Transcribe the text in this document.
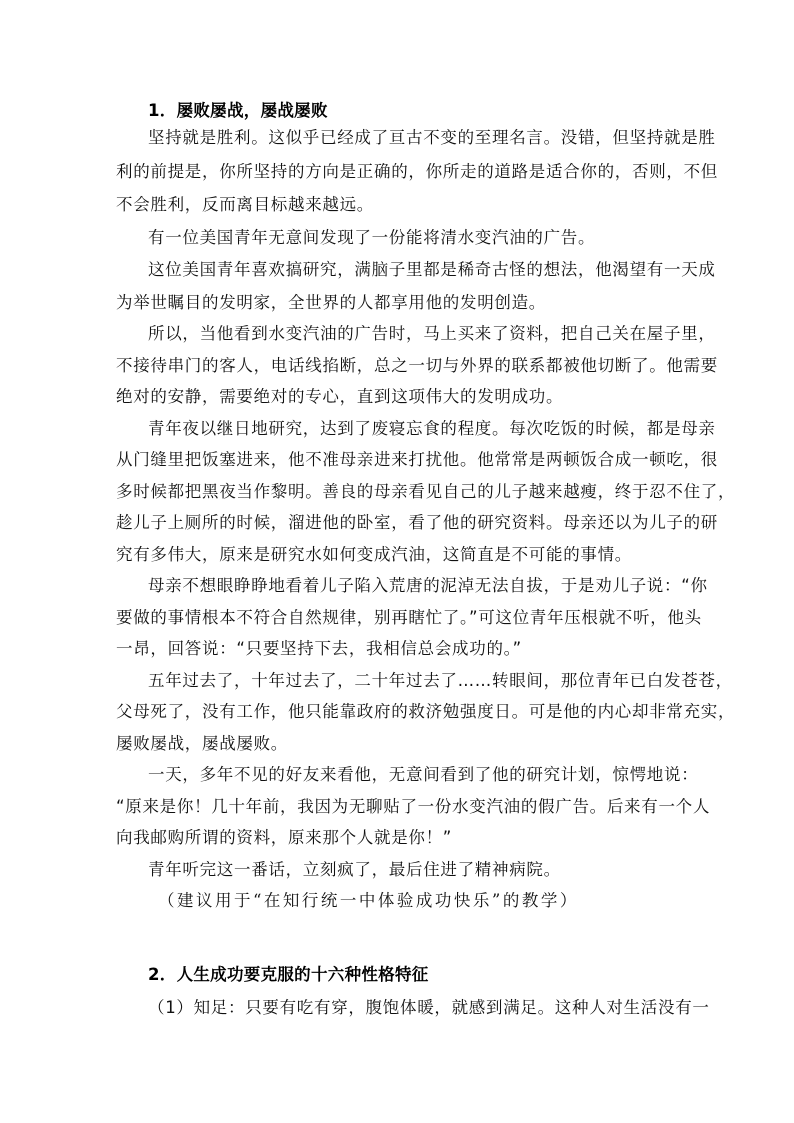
1．屡败屡战，屡战屡败

坚持就是胜利。这似乎已经成了亘古不变的至理名言。没错，但坚持就是胜

利的前提是，你所坚持的方向是正确的，你所走的道路是适合你的，否则，不但

不会胜利，反而离目标越来越远。

有一位美国青年无意间发现了一份能将清水变汽油的广告。

这位美国青年喜欢搞研究，满脑子里都是稀奇古怪的想法，他渴望有一天成

为举世瞩目的发明家，全世界的人都享用他的发明创造。

所以，当他看到水变汽油的广告时，马上买来了资料，把自己关在屋子里，

不接待串门的客人，电话线掐断，总之一切与外界的联系都被他切断了。他需要

绝对的安静，需要绝对的专心，直到这项伟大的发明成功。

青年夜以继日地研究，达到了废寝忘食的程度。每次吃饭的时候，都是母亲

从门缝里把饭塞进来，他不准母亲进来打扰他。他常常是两顿饭合成一顿吃，很

多时候都把黑夜当作黎明。善良的母亲看见自己的儿子越来越瘦，终于忍不住了，

趁儿子上厕所的时候，溜进他的卧室，看了他的研究资料。母亲还以为儿子的研

究有多伟大，原来是研究水如何变成汽油，这简直是不可能的事情。

母亲不想眼睁睁地看着儿子陷入荒唐的泥淖无法自拔，于是劝儿子说：“你

要做的事情根本不符合自然规律，别再瞎忙了。”可这位青年压根就不听，他头

一昂，回答说：“只要坚持下去，我相信总会成功的。”

五年过去了，十年过去了，二十年过去了……转眼间，那位青年已白发苍苍，

父母死了，没有工作，他只能靠政府的救济勉强度日。可是他的内心却非常充实，

屡败屡战，屡战屡败。

一天，多年不见的好友来看他，无意间看到了他的研究计划，惊愕地说：

“原来是你！几十年前，我因为无聊贴了一份水变汽油的假广告。后来有一个人

向我邮购所谓的资料，原来那个人就是你！”

青年听完这一番话，立刻疯了，最后住进了精神病院。

（建议用于“在知行统一中体验成功快乐”的教学）

2．人生成功要克服的十六种性格特征

（1）知足：只要有吃有穿，腹饱体暖，就感到满足。这种人对生活没有一
